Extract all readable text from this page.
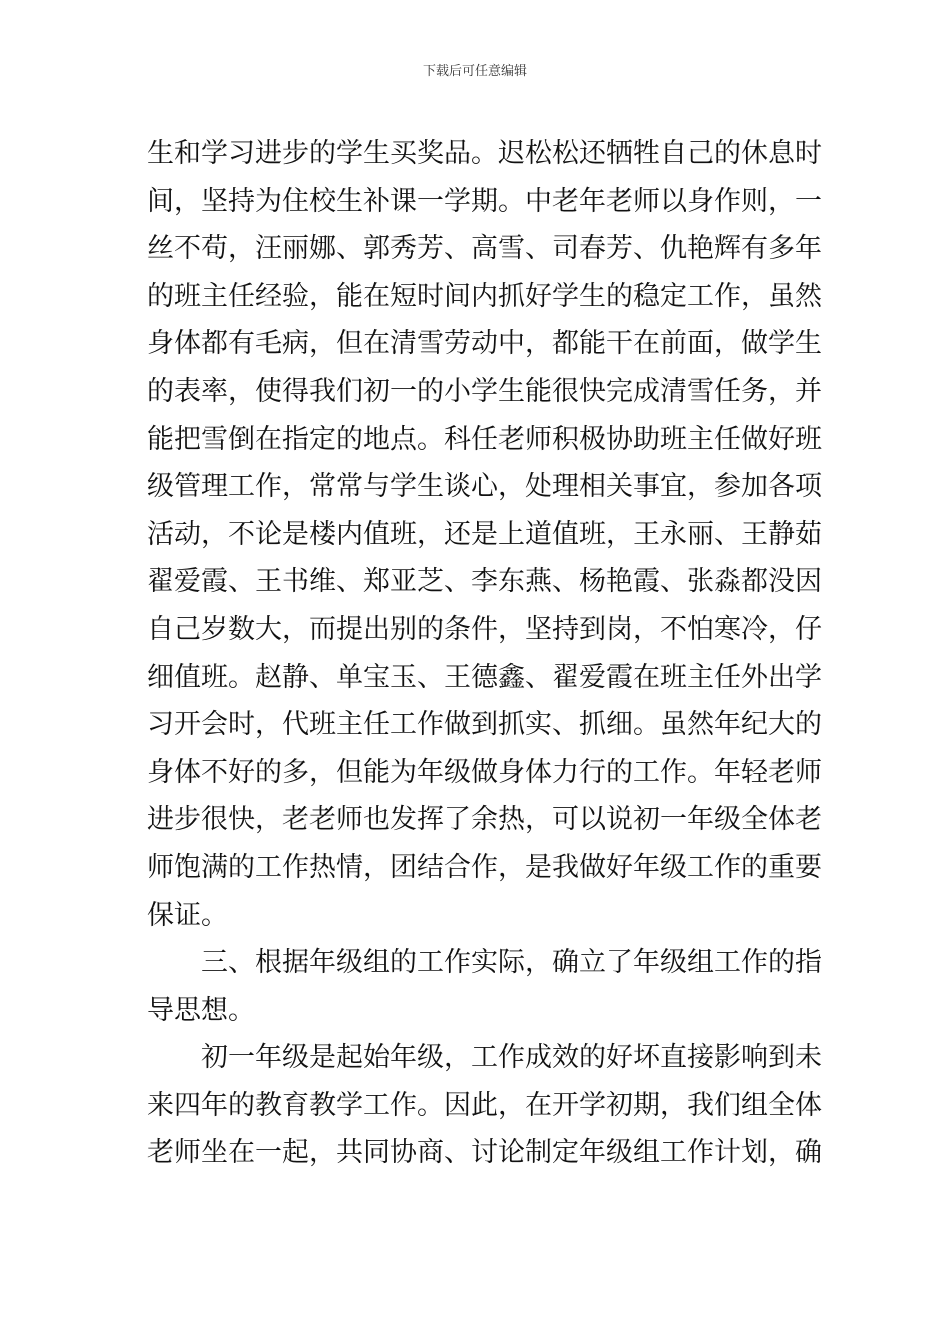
下载后可任意编辑
生和学习进步的学生买奖品。迟松松还牺牲自己的休息时
间，坚持为住校生补课一学期。中老年老师以身作则，一
丝不苟，汪丽娜、郭秀芳、高雪、司春芳、仇艳辉有多年
的班主任经验，能在短时间内抓好学生的稳定工作，虽然
身体都有毛病，但在清雪劳动中，都能干在前面，做学生
的表率，使得我们初一的小学生能很快完成清雪任务，并
能把雪倒在指定的地点。科任老师积极协助班主任做好班
级管理工作，常常与学生谈心，处理相关事宜，参加各项
活动，不论是楼内值班，还是上道值班，王永丽、王静茹
翟爱霞、王书维、郑亚芝、李东燕、杨艳霞、张淼都没因
自己岁数大，而提出别的条件，坚持到岗，不怕寒冷，仔
细值班。赵静、单宝玉、王德鑫、翟爱霞在班主任外出学
习开会时，代班主任工作做到抓实、抓细。虽然年纪大的
身体不好的多，但能为年级做身体力行的工作。年轻老师
进步很快，老老师也发挥了余热，可以说初一年级全体老
师饱满的工作热情，团结合作，是我做好年级工作的重要
保证。
三、根据年级组的工作实际，确立了年级组工作的指
导思想。
初一年级是起始年级，工作成效的好坏直接影响到未
来四年的教育教学工作。因此，在开学初期，我们组全体
老师坐在一起，共同协商、讨论制定年级组工作计划，确
